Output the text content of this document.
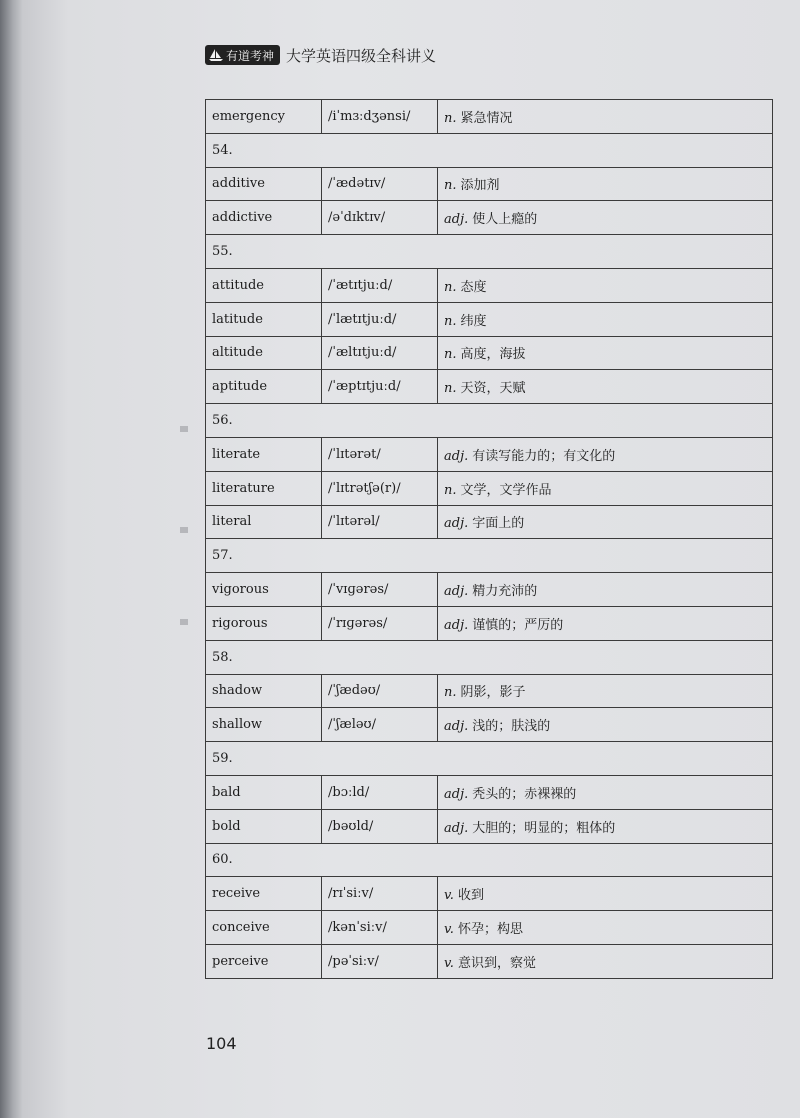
有道考神 大学英语四级全科讲义
emergency	/iˈmɜːdʒənsi/	n. 紧急情况
54.		
additive	/ˈædətɪv/	n. 添加剂
addictive	/əˈdɪktɪv/	adj. 使人上瘾的
55.		
attitude	/ˈætɪtjuːd/	n. 态度
latitude	/ˈlætɪtjuːd/	n. 纬度
altitude	/ˈæltɪtjuːd/	n. 高度，海拔
aptitude	/ˈæptɪtjuːd/	n. 天资，天赋
56.		
literate	/ˈlɪtərət/	adj. 有读写能力的；有文化的
literature	/ˈlɪtrətʃə(r)/	n. 文学，文学作品
literal	/ˈlɪtərəl/	adj. 字面上的
57.		
vigorous	/ˈvɪɡərəs/	adj. 精力充沛的
rigorous	/ˈrɪɡərəs/	adj. 谨慎的；严厉的
58.		
shadow	/ˈʃædəʊ/	n. 阴影，影子
shallow	/ˈʃæləʊ/	adj. 浅的；肤浅的
59.		
bald	/bɔːld/	adj. 秃头的；赤裸裸的
bold	/bəʊld/	adj. 大胆的；明显的；粗体的
60.		
receive	/rɪˈsiːv/	v. 收到
conceive	/kənˈsiːv/	v. 怀孕；构思
perceive	/pəˈsiːv/	v. 意识到，察觉
104
